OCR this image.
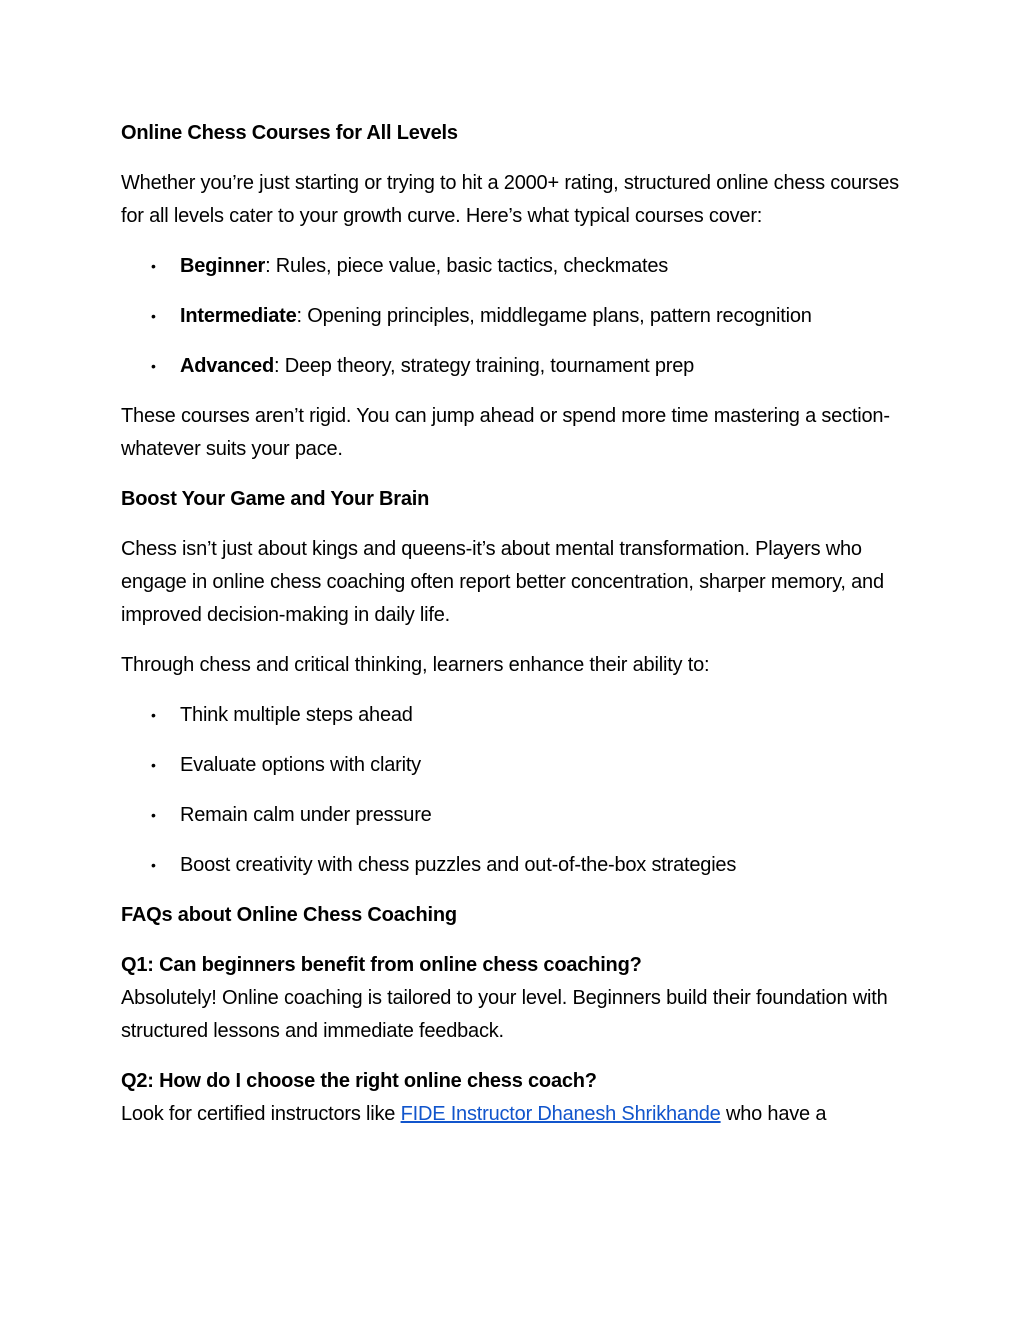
Online Chess Courses for All Levels

Whether you’re just starting or trying to hit a 2000+ rating, structured online chess courses for all levels cater to your growth curve. Here’s what typical courses cover:

• Beginner: Rules, piece value, basic tactics, checkmates
• Intermediate: Opening principles, middlegame plans, pattern recognition
• Advanced: Deep theory, strategy training, tournament prep

These courses aren’t rigid. You can jump ahead or spend more time mastering a section-whatever suits your pace.

Boost Your Game and Your Brain

Chess isn’t just about kings and queens-it’s about mental transformation. Players who engage in online chess coaching often report better concentration, sharper memory, and improved decision-making in daily life.

Through chess and critical thinking, learners enhance their ability to:

• Think multiple steps ahead
• Evaluate options with clarity
• Remain calm under pressure
• Boost creativity with chess puzzles and out-of-the-box strategies

FAQs about Online Chess Coaching

Q1: Can beginners benefit from online chess coaching?

Absolutely! Online coaching is tailored to your level. Beginners build their foundation with structured lessons and immediate feedback.

Q2: How do I choose the right online chess coach?

Look for certified instructors like FIDE Instructor Dhanesh Shrikhande who have a
